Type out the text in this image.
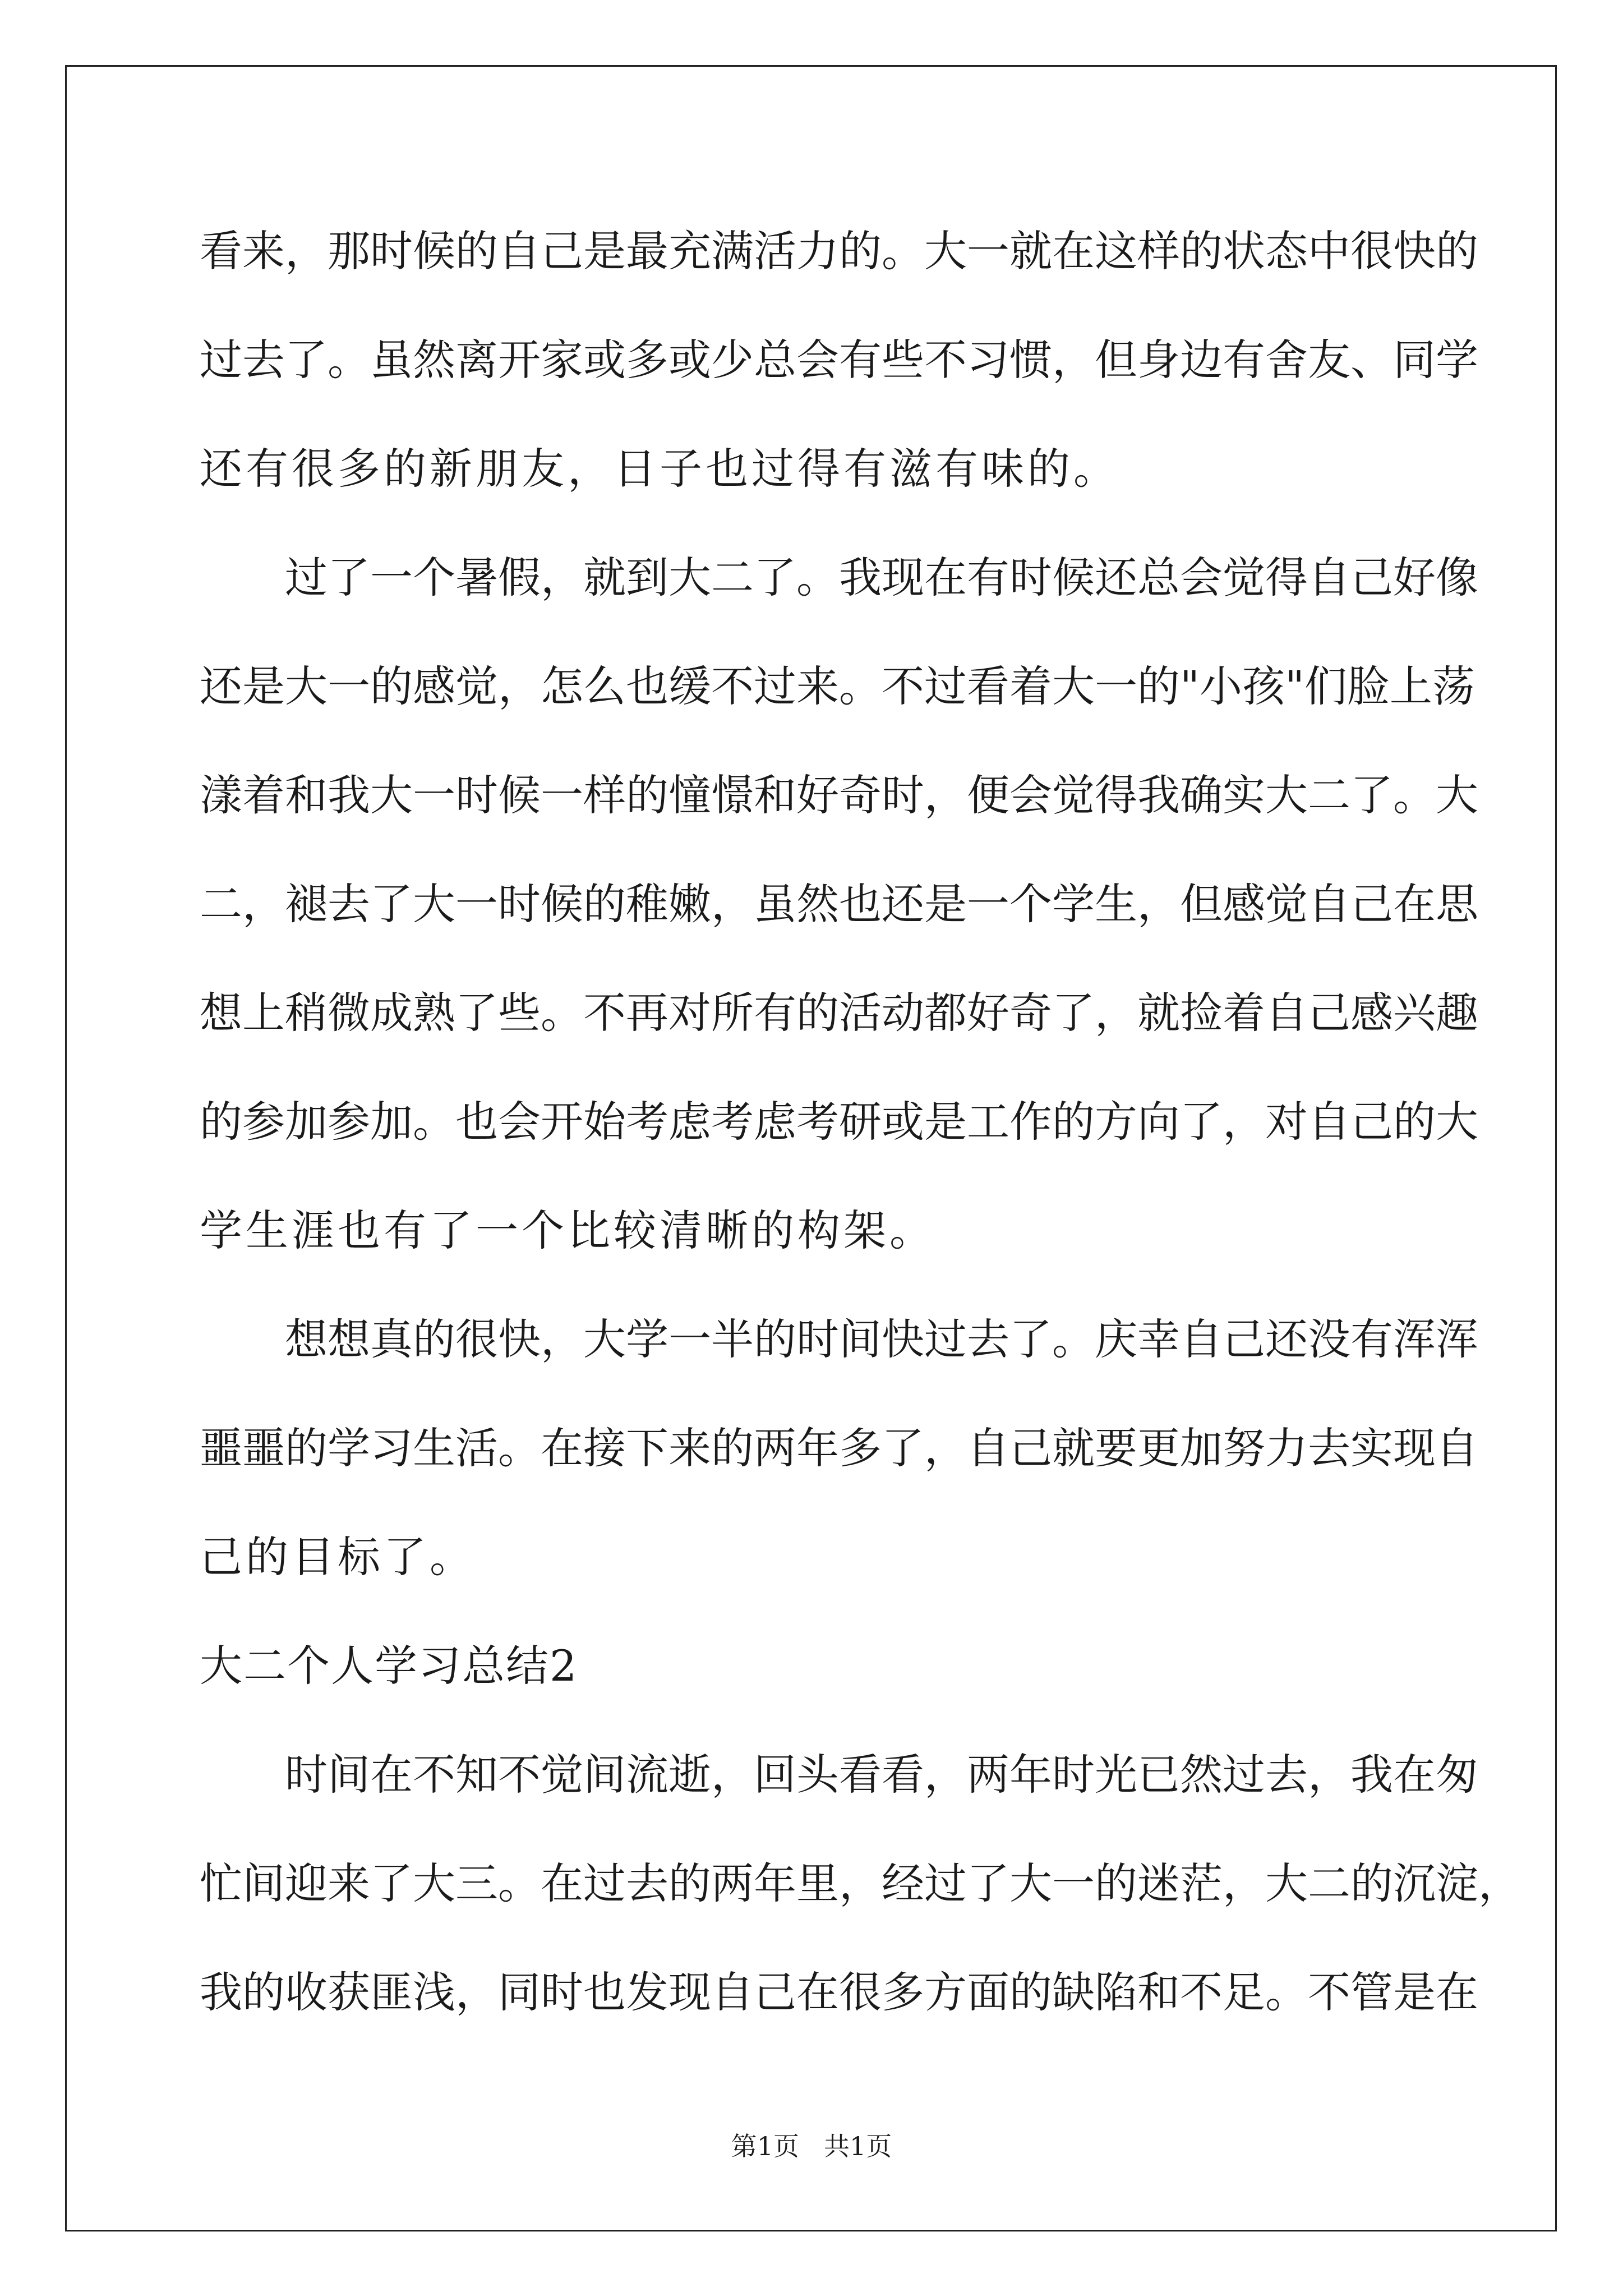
看来，那时候的自己是最充满活力的。大一就在这样的状态中很快的
过去了。虽然离开家或多或少总会有些不习惯，但身边有舍友、同学
还有很多的新朋友，日子也过得有滋有味的。
过了一个暑假，就到大二了。我现在有时候还总会觉得自己好像
还是大一的感觉，怎么也缓不过来。不过看着大一的"小孩"们脸上荡
漾着和我大一时候一样的憧憬和好奇时，便会觉得我确实大二了。大
二，褪去了大一时候的稚嫩，虽然也还是一个学生，但感觉自己在思
想上稍微成熟了些。不再对所有的活动都好奇了，就捡着自己感兴趣
的参加参加。也会开始考虑考虑考研或是工作的方向了，对自己的大
学生涯也有了一个比较清晰的构架。
想想真的很快，大学一半的时间快过去了。庆幸自己还没有浑浑
噩噩的学习生活。在接下来的两年多了，自己就要更加努力去实现自
己的目标了。
大二个人学习总结2
时间在不知不觉间流逝，回头看看，两年时光已然过去，我在匆
忙间迎来了大三。在过去的两年里，经过了大一的迷茫，大二的沉淀，
我的收获匪浅，同时也发现自己在很多方面的缺陷和不足。不管是在
第1页 共1页
